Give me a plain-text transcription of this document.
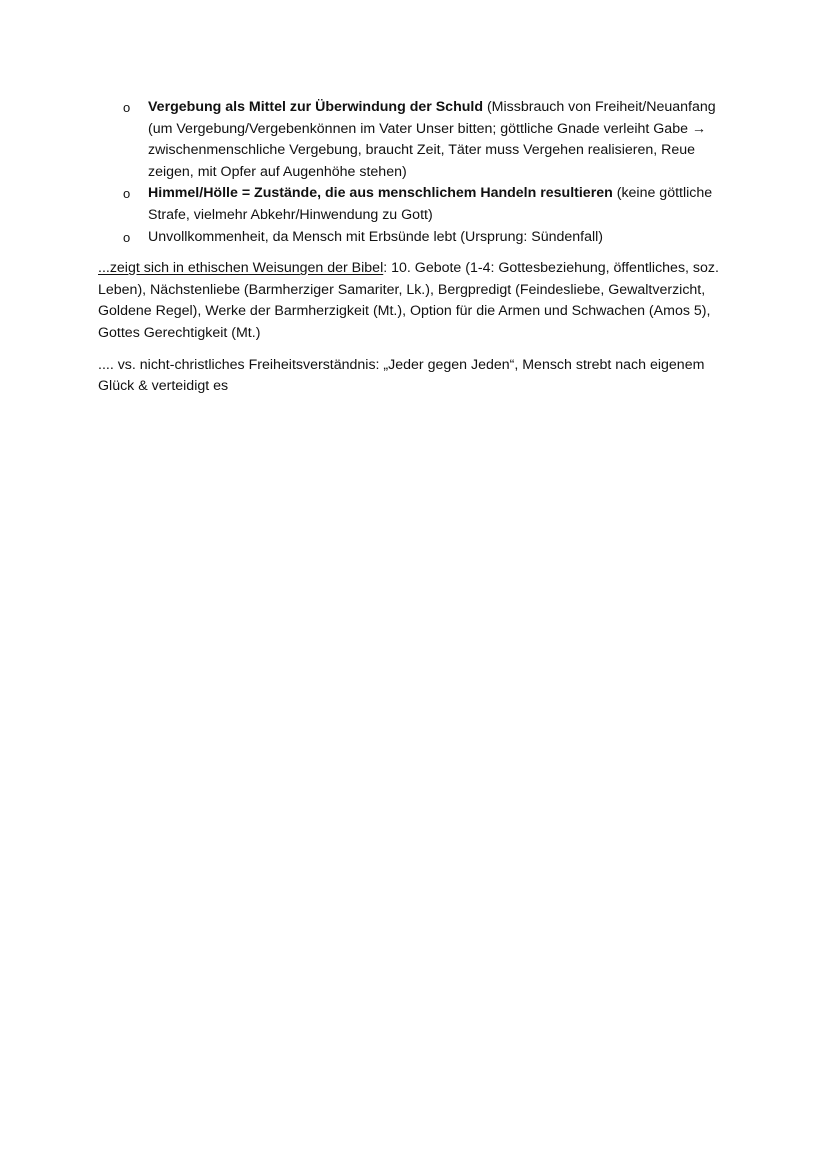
o Vergebung als Mittel zur Überwindung der Schuld (Missbrauch von Freiheit/Neuanfang (um Vergebung/Vergebenkönnen im Vater Unser bitten; göttliche Gnade verleiht Gabe → zwischenmenschliche Vergebung, braucht Zeit, Täter muss Vergehen realisieren, Reue zeigen, mit Opfer auf Augenhöhe stehen)
o Himmel/Hölle = Zustände, die aus menschlichem Handeln resultieren (keine göttliche Strafe, vielmehr Abkehr/Hinwendung zu Gott)
o Unvollkommenheit, da Mensch mit Erbsünde lebt (Ursprung: Sündenfall)

...zeigt sich in ethischen Weisungen der Bibel: 10. Gebote (1-4: Gottesbeziehung, öffentliches, soz. Leben), Nächstenliebe (Barmherziger Samariter, Lk.), Bergpredigt (Feindesliebe, Gewaltverzicht, Goldene Regel), Werke der Barmherzigkeit (Mt.), Option für die Armen und Schwachen (Amos 5), Gottes Gerechtigkeit (Mt.)

.... vs. nicht-christliches Freiheitsverständnis: „Jeder gegen Jeden“, Mensch strebt nach eigenem Glück & verteidigt es
